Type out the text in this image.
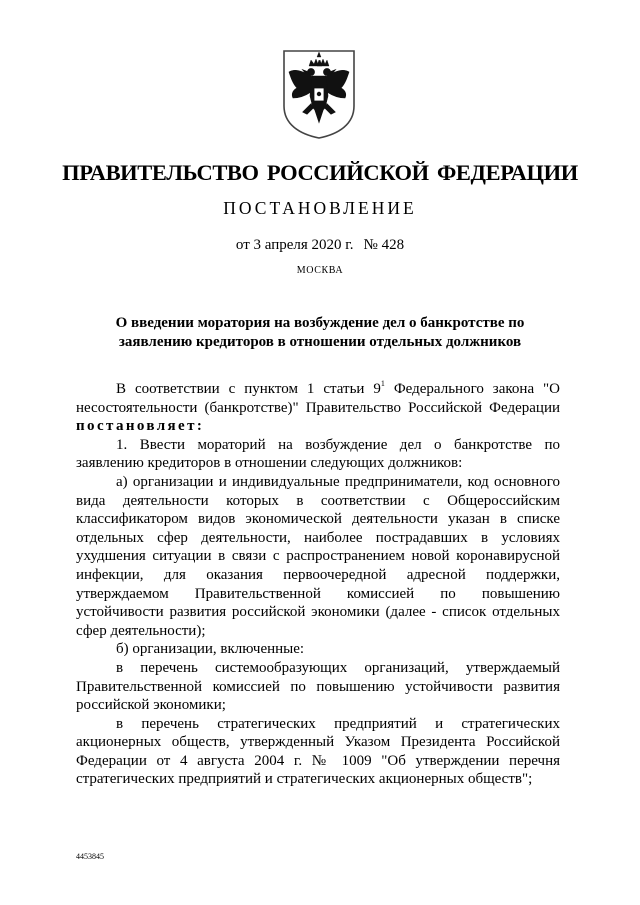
ПРАВИТЕЛЬСТВО РОССИЙСКОЙ ФЕДЕРАЦИИ
ПОСТАНОВЛЕНИЕ
от 3 апреля 2020 г. № 428
МОСКВА
О введении моратория на возбуждение дел о банкротстве по
заявлению кредиторов в отношении отдельных должников

В соответствии с пунктом 1 статьи $9^1$ Федерального закона "О несостоятельности (банкротстве)" Правительство Российской Федерации постановляет:

1. Ввести мораторий на возбуждение дел о банкротстве по заявлению кредиторов в отношении следующих должников:

а) организации и индивидуальные предприниматели, код основного вида деятельности которых в соответствии с Общероссийским классификатором видов экономической деятельности указан в списке отдельных сфер деятельности, наиболее пострадавших в условиях ухудшения ситуации в связи с распространением новой коронавирусной инфекции, для оказания первоочередной адресной поддержки, утверждаемом Правительственной комиссией по повышению устойчивости развития российской экономики (далее - список отдельных сфер деятельности);

б) организации, включенные:

в перечень системообразующих организаций, утверждаемый Правительственной комиссией по повышению устойчивости развития российской экономики;

в перечень стратегических предприятий и стратегических акционерных обществ, утвержденный Указом Президента Российской Федерации от 4 августа 2004 г. № 1009 "Об утверждении перечня стратегических предприятий и стратегических акционерных обществ";

4453845
